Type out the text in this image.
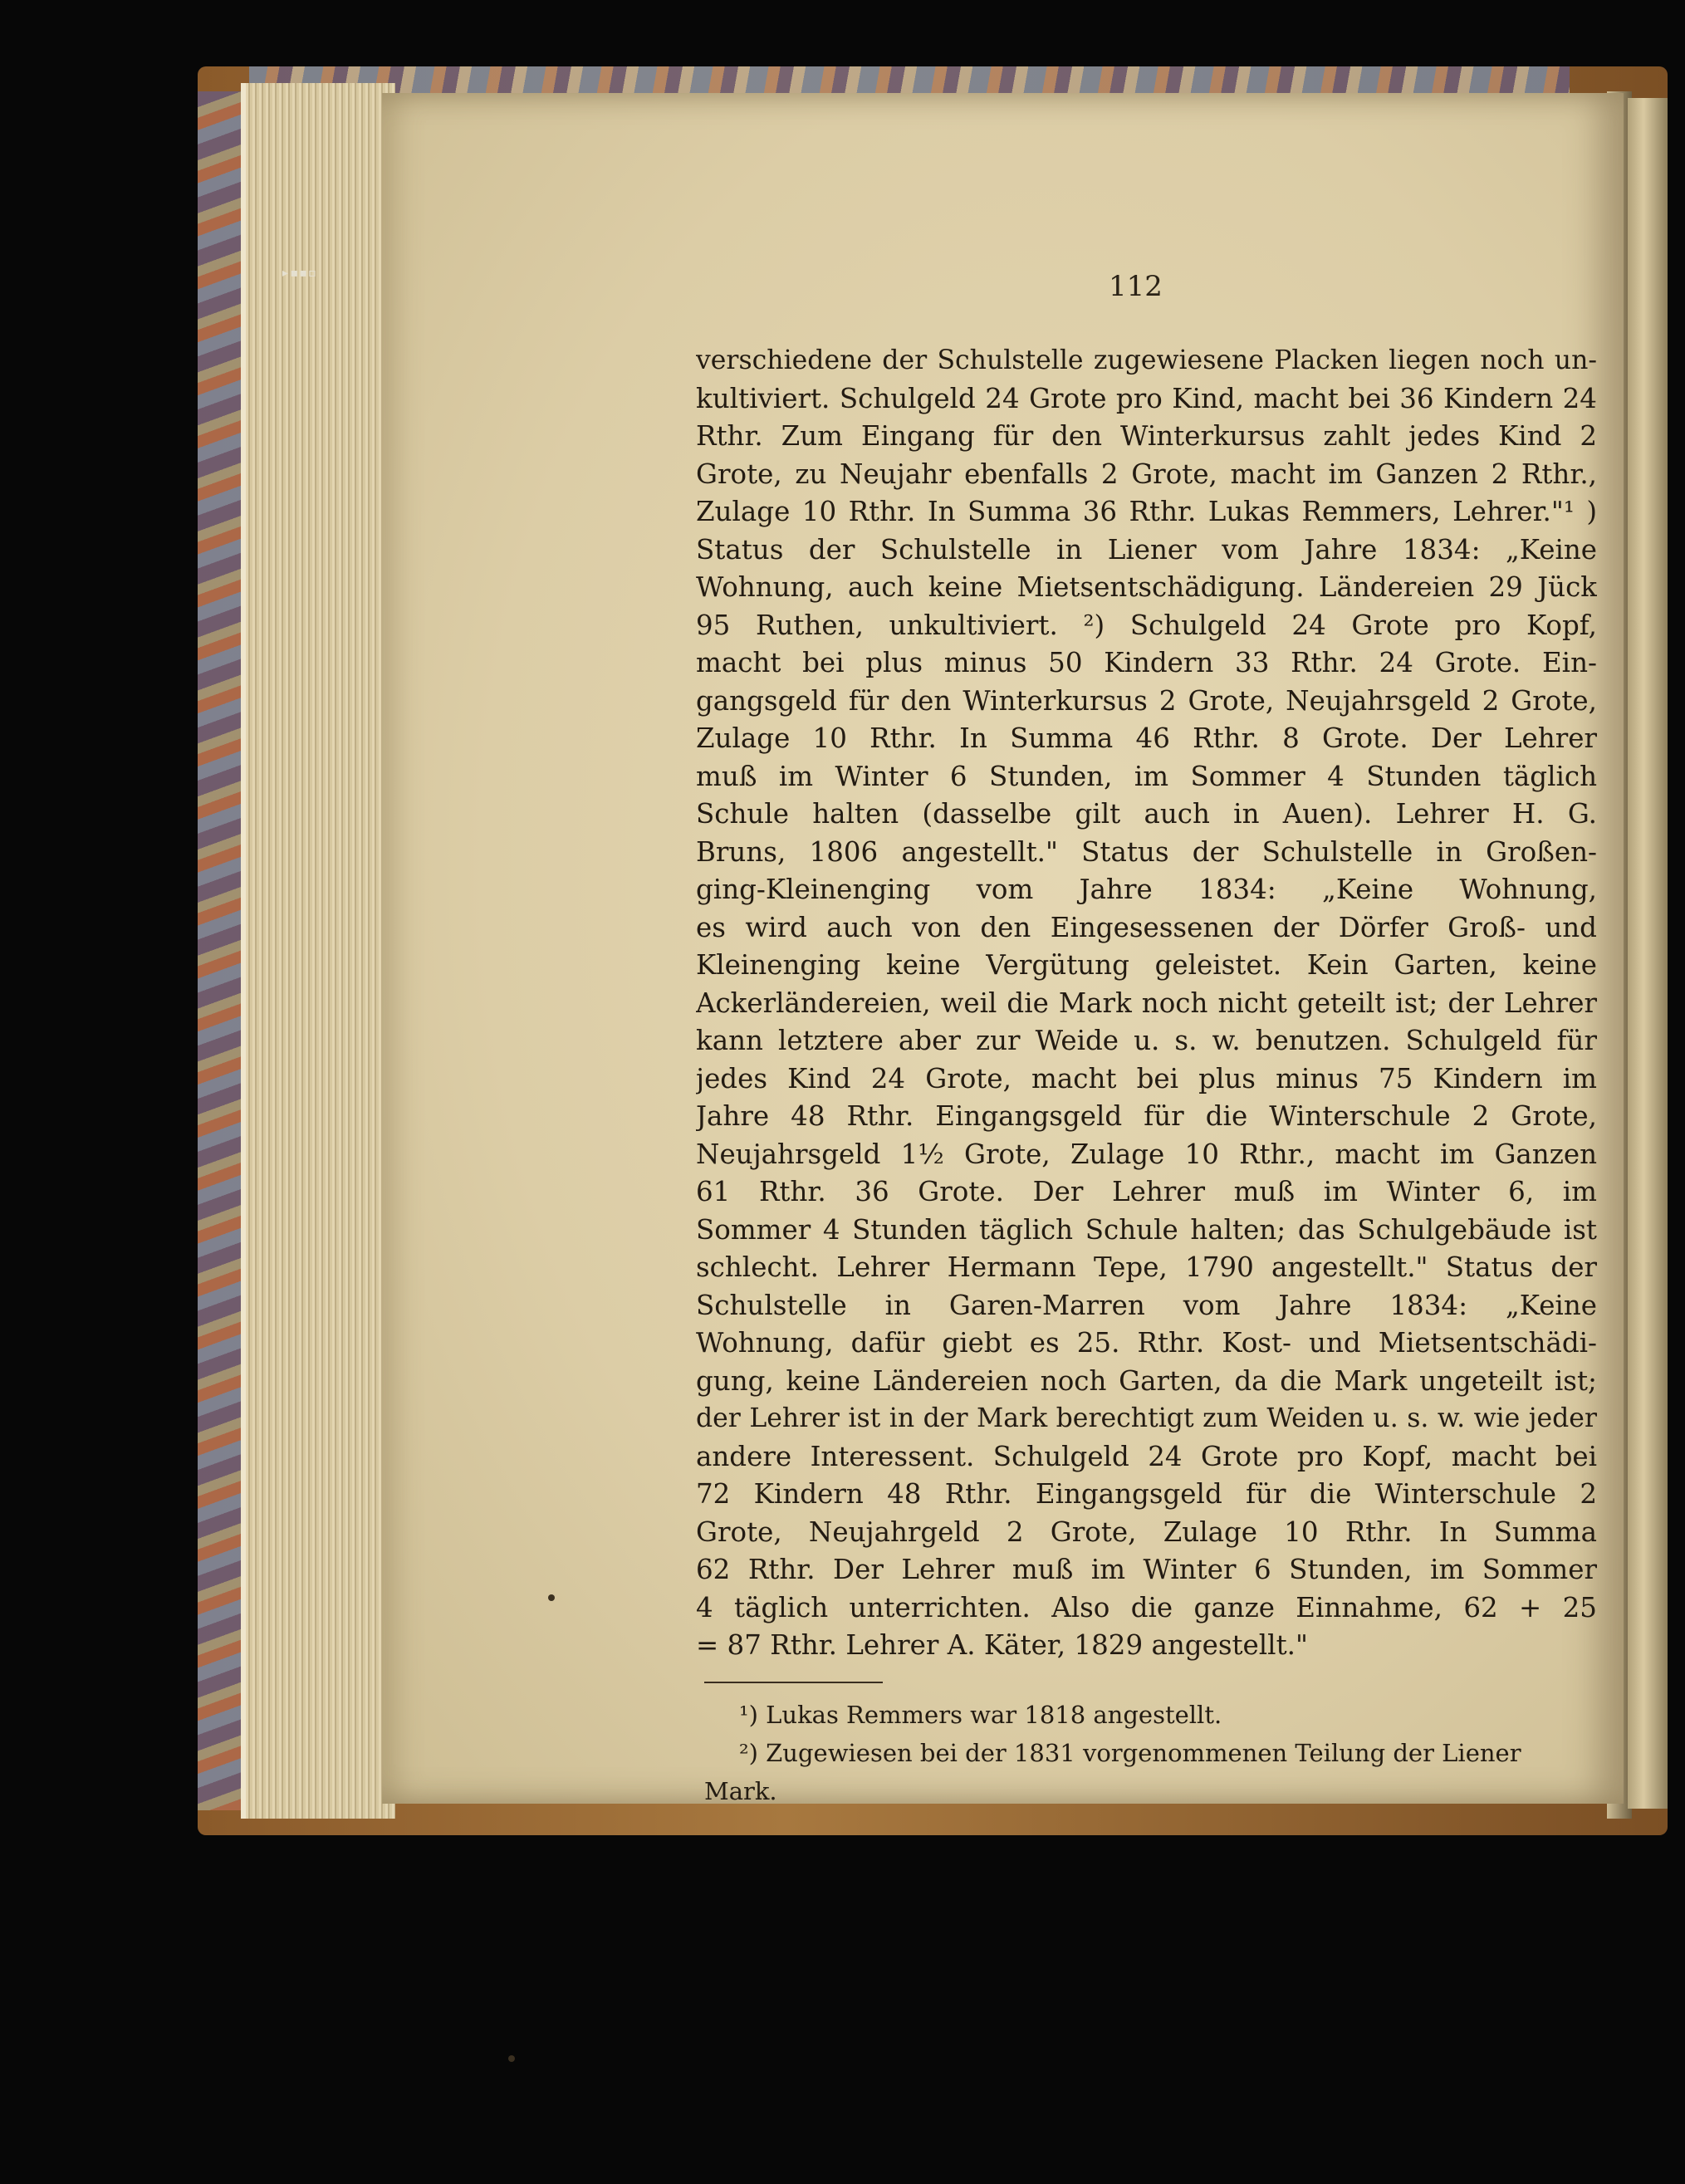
▸▪▪▫	112
verschiedene der Schulstelle zugewiesene Placken liegen noch un-
kultiviert. Schulgeld 24 Grote pro Kind, macht bei 36 Kindern 24
Rthr. Zum Eingang für den Winterkursus zahlt jedes Kind 2
Grote, zu Neujahr ebenfalls 2 Grote, macht im Ganzen 2 Rthr.,
Zulage 10 Rthr. In Summa 36 Rthr. Lukas Remmers, Lehrer."¹ )
Status der Schulstelle in Liener vom Jahre 1834: „Keine
Wohnung, auch keine Mietsentschädigung. Ländereien 29 Jück
95 Ruthen, unkultiviert. ²) Schulgeld 24 Grote pro Kopf,
macht bei plus minus 50 Kindern 33 Rthr. 24 Grote. Ein-
gangsgeld für den Winterkursus 2 Grote, Neujahrsgeld 2 Grote,
Zulage 10 Rthr. In Summa 46 Rthr. 8 Grote. Der Lehrer
muß im Winter 6 Stunden, im Sommer 4 Stunden täglich
Schule halten (dasselbe gilt auch in Auen). Lehrer H. G.
Bruns, 1806 angestellt." Status der Schulstelle in Großen-
ging-Kleinenging vom Jahre 1834: „Keine Wohnung,
es wird auch von den Eingesessenen der Dörfer Groß- und
Kleinenging keine Vergütung geleistet. Kein Garten, keine
Ackerländereien, weil die Mark noch nicht geteilt ist; der Lehrer
kann letztere aber zur Weide u. s. w. benutzen. Schulgeld für
jedes Kind 24 Grote, macht bei plus minus 75 Kindern im
Jahre 48 Rthr. Eingangsgeld für die Winterschule 2 Grote,
Neujahrsgeld 1½ Grote, Zulage 10 Rthr., macht im Ganzen
61 Rthr. 36 Grote. Der Lehrer muß im Winter 6, im
Sommer 4 Stunden täglich Schule halten; das Schulgebäude ist
schlecht. Lehrer Hermann Tepe, 1790 angestellt." Status der
Schulstelle in Garen-Marren vom Jahre 1834: „Keine
Wohnung, dafür giebt es 25. Rthr. Kost- und Mietsentschädi-
gung, keine Ländereien noch Garten, da die Mark ungeteilt ist;
der Lehrer ist in der Mark berechtigt zum Weiden u. s. w. wie jeder
andere Interessent. Schulgeld 24 Grote pro Kopf, macht bei
72 Kindern 48 Rthr. Eingangsgeld für die Winterschule 2
Grote, Neujahrgeld 2 Grote, Zulage 10 Rthr. In Summa
62 Rthr. Der Lehrer muß im Winter 6 Stunden, im Sommer
4 täglich unterrichten. Also die ganze Einnahme, 62 + 25
= 87 Rthr. Lehrer A. Käter, 1829 angestellt."

¹) Lukas Remmers war 1818 angestellt.

²) Zugewiesen bei der 1831 vorgenommenen Teilung der Liener

Mark.
